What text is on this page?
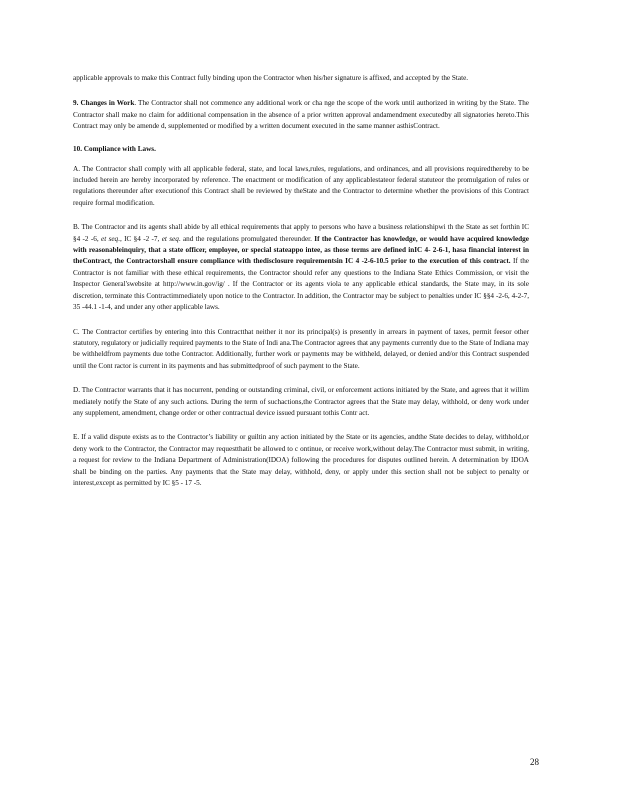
applicable approvals to make this Contract fully binding upon the Contractor when his/her signature is affixed, and accepted by the State.

9. Changes in Work. The Contractor shall not commence any additional work or cha nge the scope of the work until authorized in writing by the State. The Contractor shall make no claim for additional compensation in the absence of a prior written approval andamendment executedby all signatories hereto.This Contract may only be amende d, supplemented or modified by a written document executed in the same manner asthisContract.

10. Compliance with Laws.

A. The Contractor shall comply with all applicable federal, state, and local laws,rules, regulations, and ordinances, and all provisions requiredthereby to be included herein are hereby incorporated by reference. The enactment or modification of any applicablestateor federal statuteor the promulgation of rules or regulations thereunder after executionof this Contract shall be reviewed by theState and the Contractor to determine whether the provisions of this Contract require formal modification.

B. The Contractor and its agents shall abide by all ethical requirements that apply to persons who have a business relationshipwi th the State as set forthin IC §4 -2 -6, et seq., IC §4 -2 -7, et seq. and the regulations promulgated thereunder. If the Contractor has knowledge, or would have acquired knowledge with reasonableinquiry, that a state officer, employee, or special stateappo intee, as those terms are defined inIC 4- 2-6-1, hasa financial interest in theContract, the Contractorshall ensure compliance with thedisclosure requirementsin IC 4 -2-6-10.5 prior to the execution of this contract. If the Contractor is not familiar with these ethical requirements, the Contractor should refer any questions to the Indiana State Ethics Commission, or visit the Inspector General'swebsite at http://www.in.gov/ig/ . If the Contractor or its agents viola te any applicable ethical standards, the State may, in its sole discretion, terminate this Contractimmediately upon notice to the Contractor. In addition, the Contractor may be subject to penalties under IC §§4 -2-6, 4-2-7, 35 -44.1 -1-4, and under any other applicable laws.

C. The Contractor certifies by entering into this Contractthat neither it nor its principal(s) is presently in arrears in payment of taxes, permit feesor other statutory, regulatory or judicially required payments to the State of Indi ana.The Contractor agrees that any payments currently due to the State of Indiana may be withheldfrom payments due tothe Contractor. Additionally, further work or payments may be withheld, delayed, or denied and/or this Contract suspended until the Cont ractor is current in its payments and has submittedproof of such payment to the State.

D. The Contractor warrants that it has nocurrent, pending or outstanding criminal, civil, or enforcement actions initiated by the State, and agrees that it willim mediately notify the State of any such actions. During the term of suchactions,the Contractor agrees that the State may delay, withhold, or deny work under any supplement, amendment, change order or other contractual device issued pursuant tothis Contr act.

E. If a valid dispute exists as to the Contractor’s liability or guiltin any action initiated by the State or its agencies, andthe State decides to delay, withhold,or deny work to the Contractor, the Contractor may requestthatit be allowed to c ontinue, or receive work,without delay.The Contractor must submit, in writing, a request for review to the Indiana Department of Administration(IDOA) following the procedures for disputes outlined herein. A determination by IDOA shall be binding on the parties. Any payments that the State may delay, withhold, deny, or apply under this section shall not be subject to penalty or interest,except as permitted by IC §5 - 17 -5.

28
